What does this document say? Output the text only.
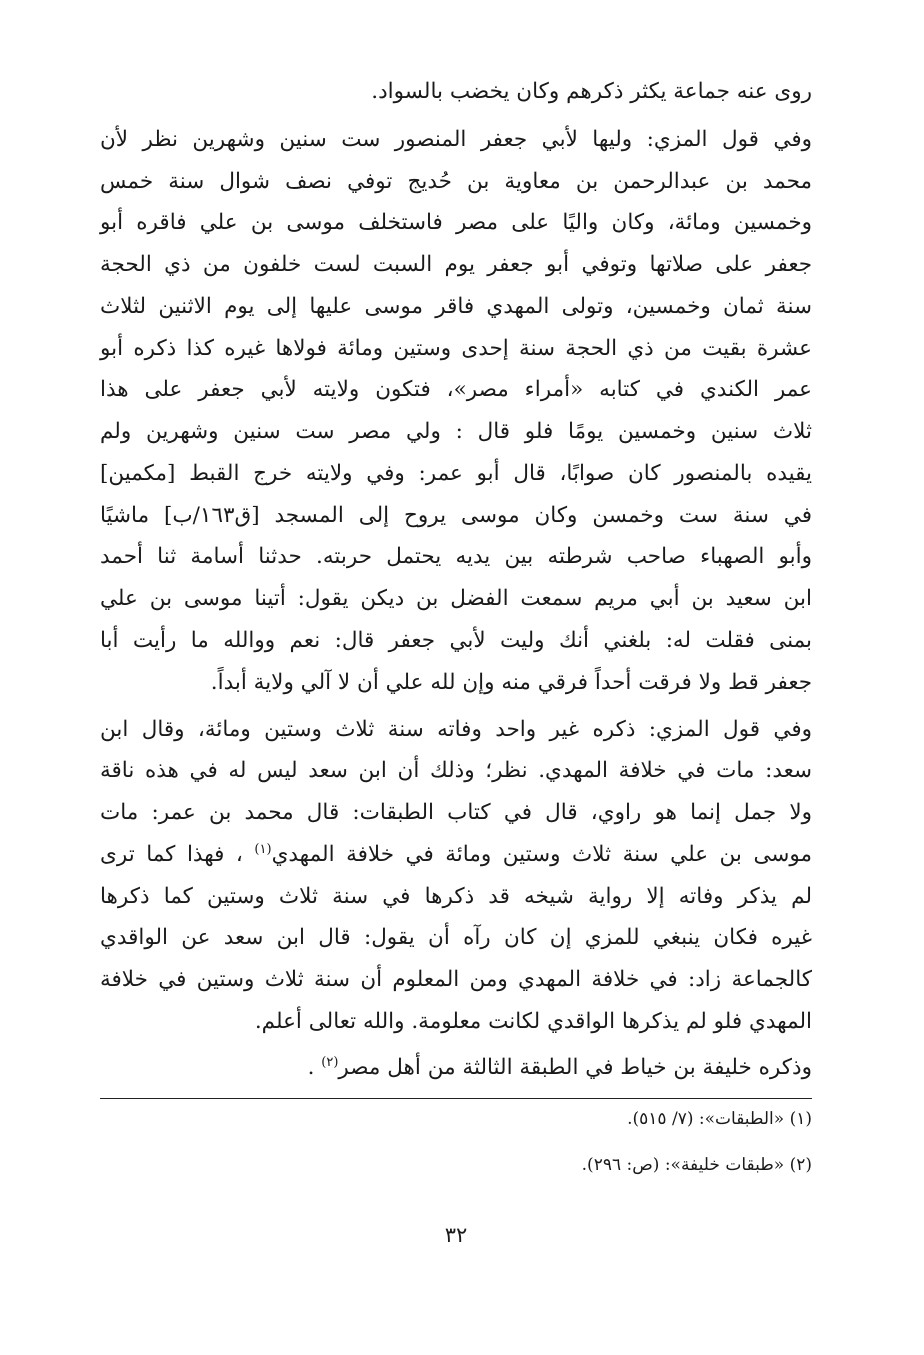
روى عنه جماعة يكثر ذكرهم وكان يخضب بالسواد.
وفي قول المزي: وليها لأبي جعفر المنصور ست سنين وشهرين نظر لأن
محمد بن عبدالرحمن بن معاوية بن حُديج توفي نصف شوال سنة خمس
وخمسين ومائة، وكان واليًا على مصر فاستخلف موسى بن علي فاقره أبو
جعفر على صلاتها وتوفي أبو جعفر يوم السبت لست خلفون من ذي الحجة
سنة ثمان وخمسين، وتولى المهدي فاقر موسى عليها إلى يوم الاثنين لثلاث
عشرة بقيت من ذي الحجة سنة إحدى وستين ومائة فولاها غيره كذا ذكره أبو
عمر الكندي في كتابه «أمراء مصر»، فتكون ولايته لأبي جعفر على هذا
ثلاث سنين وخمسين يومًا فلو قال : ولي مصر ست سنين وشهرين ولم
يقيده بالمنصور كان صوابًا، قال أبو عمر: وفي ولايته خرج القبط [مكمين]
في سنة ست وخمسن وكان موسى يروح إلى المسجد [ق١٦٣/ب] ماشيًا
وأبو الصهباء صاحب شرطته بين يديه يحتمل حربته. حدثنا أسامة ثنا أحمد
ابن سعيد بن أبي مريم سمعت الفضل بن ديكن يقول: أتينا موسى بن علي
بمنى فقلت له: بلغني أنك وليت لأبي جعفر قال: نعم ووالله ما رأيت أبا
جعفر قط ولا فرقت أحداً فرقي منه وإن لله علي أن لا آلي ولاية أبداً.
وفي قول المزي: ذكره غير واحد وفاته سنة ثلاث وستين ومائة، وقال ابن
سعد: مات في خلافة المهدي. نظر؛ وذلك أن ابن سعد ليس له في هذه ناقة
ولا جمل إنما هو راوي، قال في كتاب الطبقات: قال محمد بن عمر: مات
موسى بن علي سنة ثلاث وستين ومائة في خلافة المهدي$^{(١)}$ ، فهذا كما ترى
لم يذكر وفاته إلا رواية شيخه قد ذكرها في سنة ثلاث وستين كما ذكرها
غيره فكان ينبغي للمزي إن كان رآه أن يقول: قال ابن سعد عن الواقدي
كالجماعة زاد: في خلافة المهدي ومن المعلوم أن سنة ثلاث وستين في خلافة
المهدي فلو لم يذكرها الواقدي لكانت معلومة. والله تعالى أعلم.
وذكره خليفة بن خياط في الطبقة الثالثة من أهل مصر$^{(٢)}$ .
(١) «الطبقات»: (٧/ ٥١٥).
(٢) «طبقات خليفة»: (ص: ٢٩٦).
٣٢
